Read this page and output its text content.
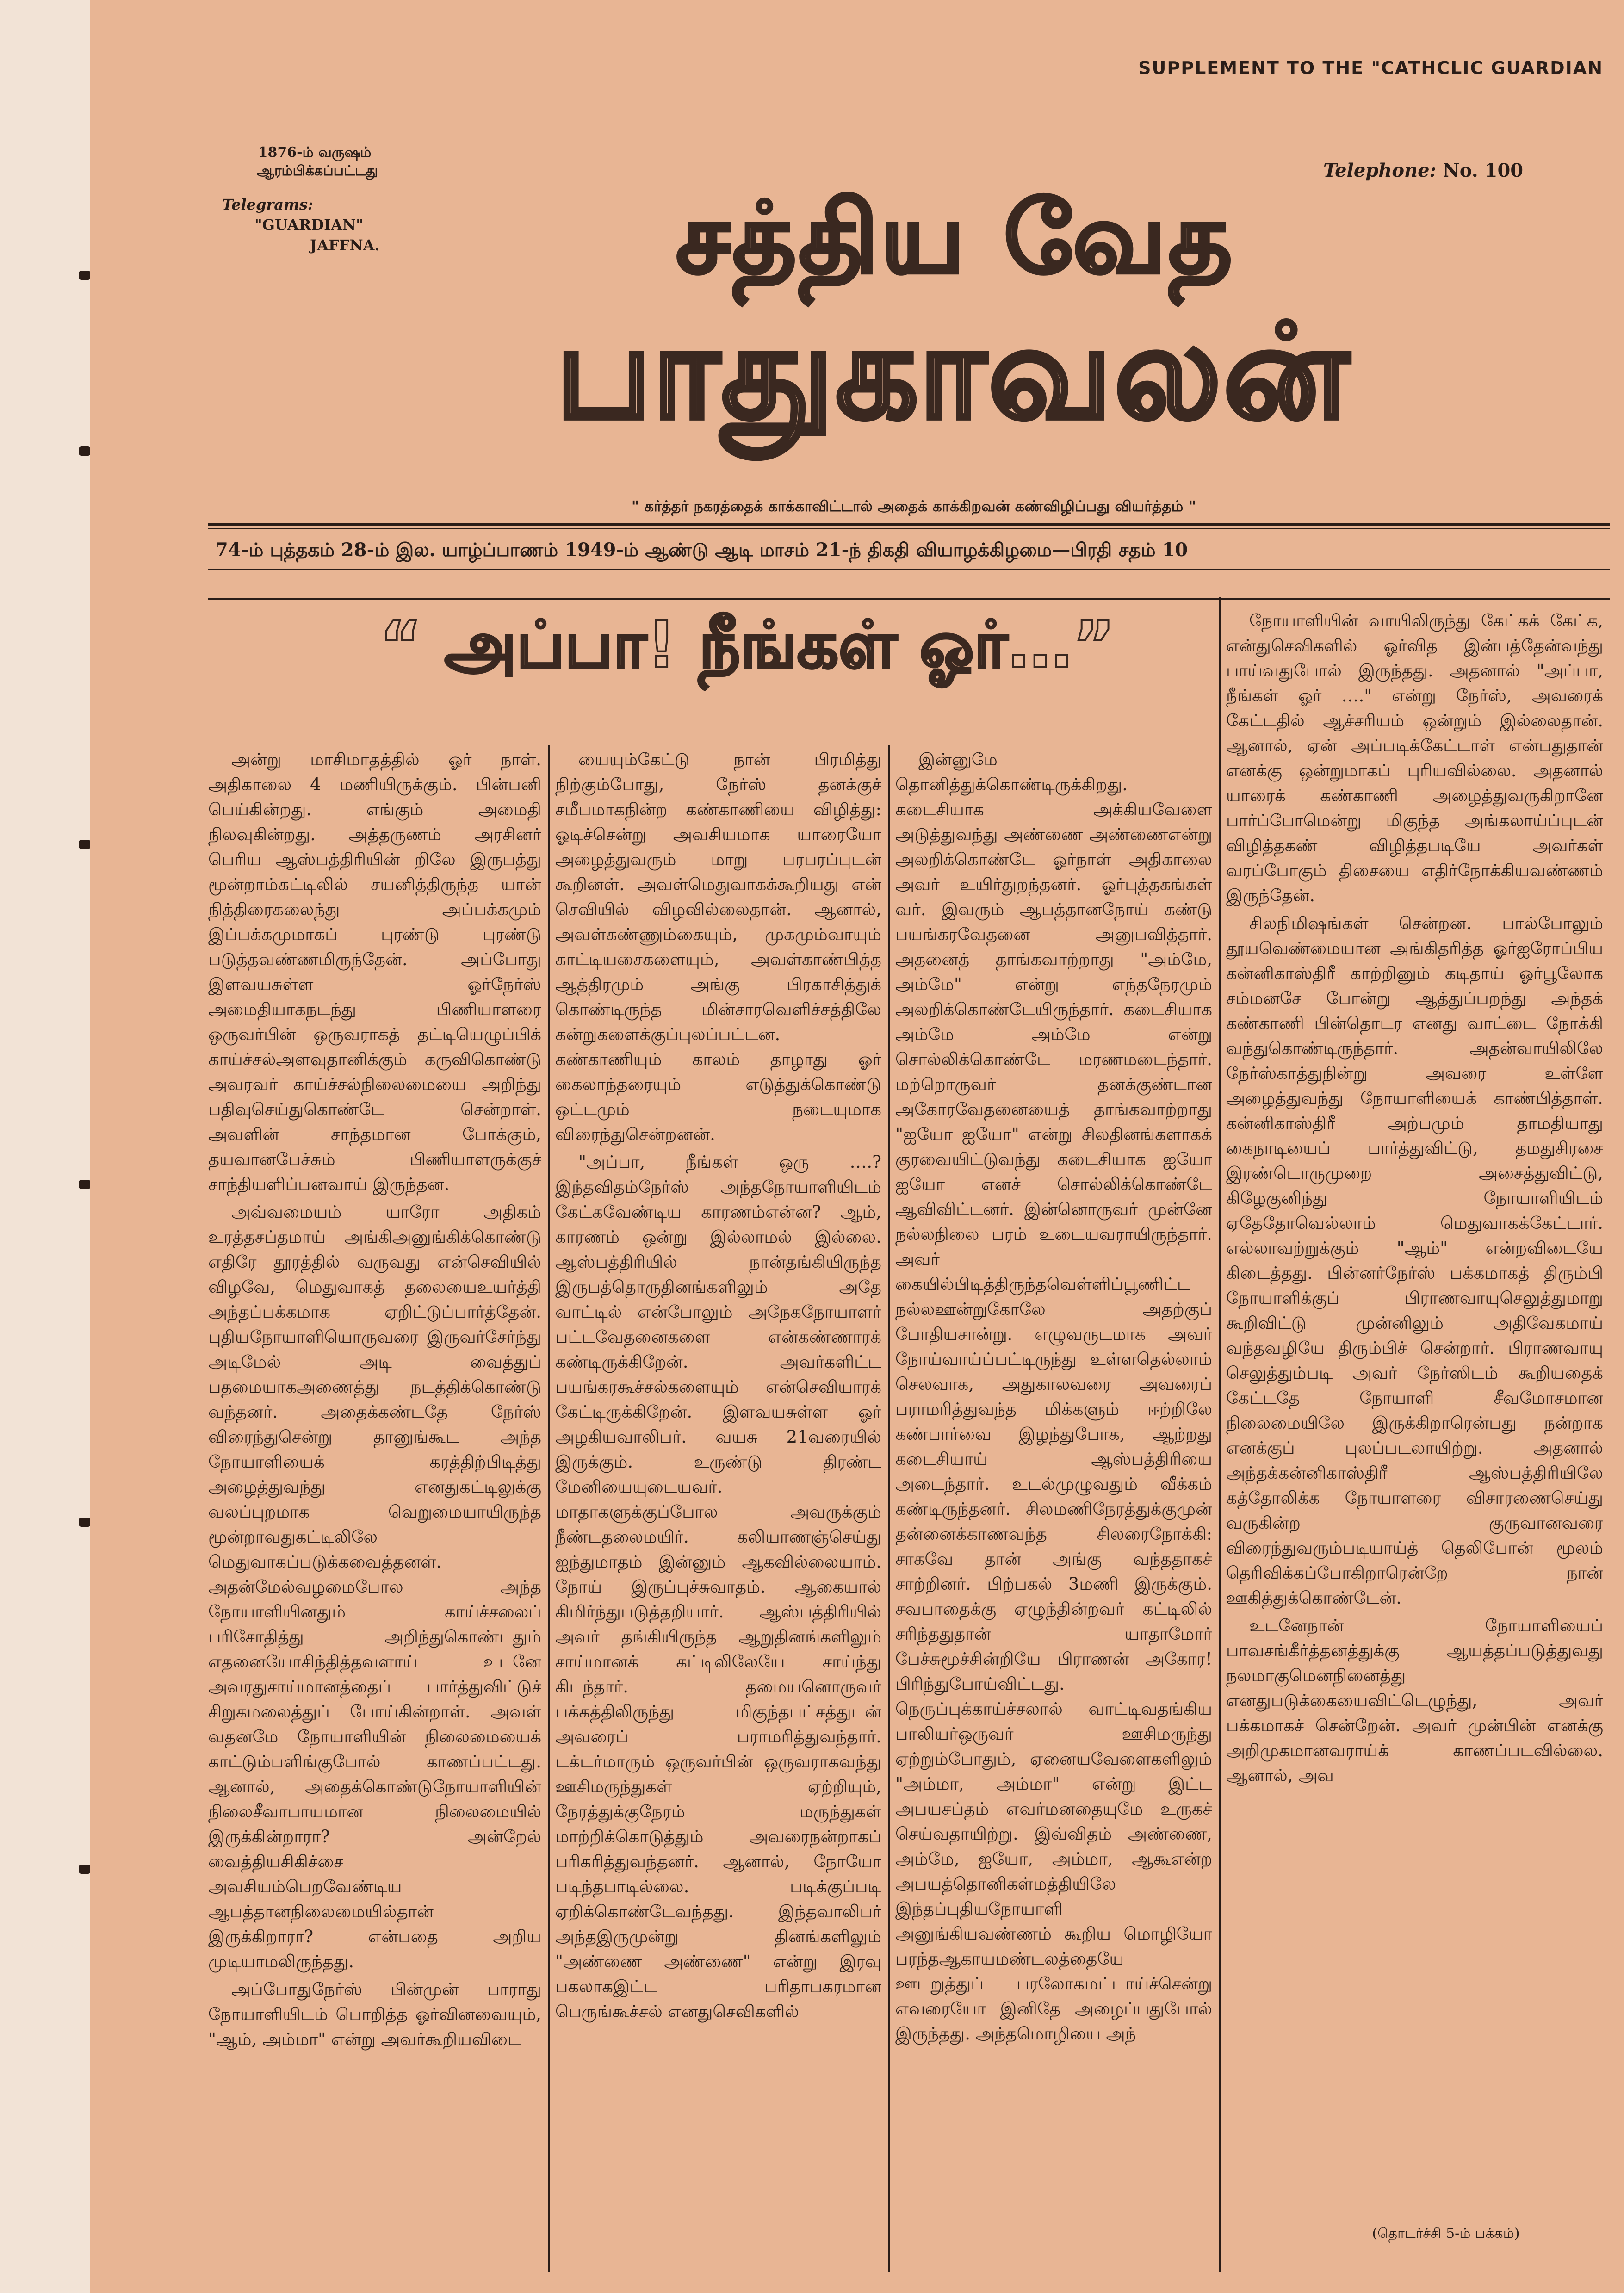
SUPPLEMENT TO THE "CATHCLIC GUARDIAN
1876-ம் வருஷம்
ஆரம்பிக்கப்பட்டது
Telegrams:
"GUARDIAN"
JAFFNA.
Telephone: No. 100
சத்திய வேத
பாதுகாவலன்
" கர்த்தர் நகரத்தைக் காக்காவிட்டால் அதைக் காக்கிறவன் கண்விழிப்பது வியர்த்தம் "
74-ம் புத்தகம் 28-ம் இல. யாழ்ப்பாணம் 1949-ம் ஆண்டு ஆடி மாசம் 21-ந் திகதி வியாழக்கிழமை—பிரதி சதம் 10
“ அப்பா! நீங்கள் ஓர்…”

அன்று மாசிமாதத்தில் ஓர் நாள். அதிகாலை 4 மணியிருக்கும். பின்பனி பெய்கின்றது. எங்கும் அமைதி நிலவுகின்றது. அத்தருணம் அரசினர் பெரிய ஆஸ்பத்திரியின் றிலே இருபத்து மூன்றாம்கட்டிலில் சயனித்திருந்த யான் நித்திரைகலைந்து அப்பக்கமும் இப்பக்கமுமாகப் புரண்டு புரண்டு படுத்தவண்ணமிருந்தேன். அப்போது இளவயசுள்ள ஓர்நேர்ஸ் அமைதியாகநடந்து பிணியாளரை ஒருவர்பின் ஒருவராகத் தட்டியெழுப்பிக் காய்ச்சல்அளவுதானிக்கும் கருவிகொண்டு அவரவர் காய்ச்சல்நிலைமையை அறிந்து பதிவுசெய்துகொண்டே சென்றாள். அவளின் சாந்தமான போக்கும், தயவானபேச்சும் பிணியாளருக்குச் சாந்தியளிப்பனவாய் இருந்தன.

அவ்வமையம் யாரோ அதிகம் உரத்தசப்தமாய் அங்கிஅனுங்கிக்கொண்டு எதிரே தூரத்தில் வருவது என்செவியில் விழவே, மெதுவாகத் தலையைஉயர்த்தி அந்தப்பக்கமாக ஏறிட்டுப்பார்த்தேன். புதியநோயாளியொருவரை இருவர்சேர்ந்து அடிமேல் அடி வைத்துப் பதமையாகஅணைத்து நடத்திக்கொண்டு வந்தனர். அதைக்கண்டதே நேர்ஸ் விரைந்துசென்று தானுங்கூட அந்த நோயாளியைக் கரத்திற்பிடித்து அழைத்துவந்து எனதுகட்டிலுக்கு வலப்புறமாக வெறுமையாயிருந்த மூன்றாவதுகட்டிலிலே மெதுவாகப்படுக்கவைத்தனள். அதன்மேல்வழமைபோல அந்த நோயாளியினதும் காய்ச்சலைப் பரிசோதித்து அறிந்துகொண்டதும் எதனையோசிந்தித்தவளாய் உடனே அவரதுசாய்மானத்தைப் பார்த்துவிட்டுச் சிறுகமலைத்துப் போய்கின்றாள். அவள் வதனமே நோயாளியின் நிலைமையைக் காட்டும்பளிங்குபோல் காணப்பட்டது. ஆனால், அதைக்கொண்டுநோயாளியின் நிலைசீவாபாயமான நிலைமையில் இருக்கின்றாரா? அன்றேல் வைத்தியசிகிச்சை அவசியம்பெறவேண்டிய ஆபத்தானநிலைமையில்தான் இருக்கிறாரா? என்பதை அறிய முடியாமலிருந்தது.

அப்போதுநேர்ஸ் பின்முன் பாராது நோயாளியிடம் பொறித்த ஓர்வினவையும், "ஆம், அம்மா" என்று அவர்கூறியவிடை

யையும்கேட்டு நான் பிரமித்து நிற்கும்போது, நேர்ஸ் தனக்குச் சமீபமாகநின்ற கண்காணியை விழித்து: ஓடிச்சென்று அவசியமாக யாரையோ அழைத்துவரும் மாறு பரபரப்புடன் கூறினள். அவள்மெதுவாகக்கூறியது என் செவியில் விழவில்லைதான். ஆனால், அவள்கண்ணும்கையும், முகமும்வாயும் காட்டியசைகளையும், அவள்காண்பித்த ஆத்திரமும் அங்கு பிரகாசித்துக் கொண்டிருந்த மின்சாரவெளிச்சத்திலே கன்றுகளைக்குப்புலப்பட்டன. கண்காணியும் காலம் தாழாது ஓர் கைலாந்தரையும் எடுத்துக்கொண்டு ஒட்டமும் நடையுமாக விரைந்துசென்றனன்.

"அப்பா, நீங்கள் ஒரு ….? இந்தவிதம்நேர்ஸ் அந்தநோயாளியிடம் கேட்கவேண்டிய காரணம்என்ன? ஆம், காரணம் ஒன்று இல்லாமல் இல்லை. ஆஸ்பத்திரியில் நான்தங்கியிருந்த இருபத்தொருதினங்களிலும் அதே வாட்டில் என்போலும் அநேகநோயாளர் பட்டவேதனைகளை என்கண்ணாரக் கண்டிருக்கிறேன். அவர்களிட்ட பயங்கரகூச்சல்களையும் என்செவியாரக் கேட்டிருக்கிறேன். இளவயசுள்ள ஓர் அழகியவாலிபர். வயசு 21வரையில் இருக்கும். உருண்டு திரண்ட மேனியையுடையவர். மாதாகளுக்குப்போல அவருக்கும் நீண்டதலைமயிர். கலியாணஞ்செய்து ஐந்துமாதம் இன்னும் ஆகவில்லையாம். நோய் இருப்புச்சுவாதம். ஆகையால் கிமிர்ந்துபடுத்தறியார். ஆஸ்பத்திரியில் அவர் தங்கியிருந்த ஆறுதினங்களிலும் சாய்மானக் கட்டிலிலேயே சாய்ந்து கிடந்தார். தமையனொருவர் பக்கத்திலிருந்து மிகுந்தபட்சத்துடன் அவரைப் பராமரித்துவந்தார். டக்டர்மாரும் ஒருவர்பின் ஒருவராகவந்து ஊசிமருந்துகள் ஏற்றியும், நேரத்துக்குநேரம் மருந்துகள் மாற்றிக்கொடுத்தும் அவரைநன்றாகப் பரிகரித்துவந்தனர். ஆனால், நோயோ படிந்தபாடில்லை. படிக்குப்படி ஏறிக்கொண்டேவந்தது. இந்தவாலிபர் அந்தஇருமுன்று தினங்களிலும் "அண்ணை அண்ணை" என்று இரவு பகலாகஇட்ட பரிதாபகரமான பெருங்கூச்சல் எனதுசெவிகளில்

இன்னுமே தொனித்துக்கொண்டிருக்கிறது. கடைசியாக அக்கியவேளை அடுத்துவந்து அண்ணை அண்ணைஎன்று அலறிக்கொண்டே ஓர்நாள் அதிகாலை அவர் உயிர்துறந்தனர். ஓர்புத்தகங்கள் வர். இவரும் ஆபத்தானநோய் கண்டு பயங்கரவேதனை அனுபவித்தார். அதனைத் தாங்கவாற்றாது "அம்மே, அம்மே" என்று எந்தநேரமும் அலறிக்கொண்டேயிருந்தார். கடைசியாக அம்மே அம்மே என்று சொல்லிக்கொண்டே மரணமடைந்தார். மற்றொருவர் தனக்குண்டான அகோரவேதனையைத் தாங்கவாற்றாது "ஐயோ ஐயோ" என்று சிலதினங்களாகக் குரவையிட்டுவந்து கடைசியாக ஐயோ ஐயோ எனச் சொல்லிக்கொண்டே ஆவிவிட்டனர். இன்னொருவர் முன்னே நல்லநிலை பரம் உடையவராயிருந்தார். அவர் கையில்பிடித்திருந்தவெள்ளிப்பூணிட்ட நல்லஊன்றுகோலே அதற்குப் போதியசான்று. எழுவருடமாக அவர் நோய்வாய்ப்பட்டிருந்து உள்ளதெல்லாம் செலவாக, அதுகாலவரை அவரைப் பராமரித்துவந்த மிக்களும் ஈற்றிலே கண்பார்வை இழந்துபோக, ஆற்றது கடைசியாய் ஆஸ்பத்திரியை அடைந்தார். உடல்முழுவதும் வீக்கம் கண்டிருந்தனர். சிலமணிநேரத்துக்குமுன் தன்னைக்காணவந்த சிலரைநோக்கி: சாகவே தான் அங்கு வந்ததாகச் சாற்றினர். பிற்பகல் 3மணி இருக்கும். சவபாதைக்கு ஏழுந்தின்றவர் கட்டிலில் சரிந்ததுதான் யாதாமோர் பேச்சுமூச்சின்றியே பிராணன் அகோர! பிரிந்துபோய்விட்டது. நெருப்புக்காய்ச்சலால் வாட்டிவதங்கிய பாலியர்ஒருவர் ஊசிமருந்து ஏற்றும்போதும், ஏனையவேளைகளிலும் "அம்மா, அம்மா" என்று இட்ட அபயசப்தம் எவர்மனதையுமே உருகச் செய்வதாயிற்று. இவ்விதம் அண்ணை, அம்மே, ஐயோ, அம்மா, ஆகூஎன்ற அபயத்தொனிகள்மத்தியிலே இந்தப்புதியநோயாளி அனுங்கியவண்ணம் கூறிய மொழியோ பரந்தஆகாயமண்டலத்தையே ஊடறுத்துப் பரலோகமட்டாய்ச்சென்று எவரையோ இனிதே அழைப்பதுபோல் இருந்தது. அந்தமொழியை அந்

நோயாளியின் வாயிலிருந்து கேட்கக் கேட்க, என்துசெவிகளில் ஓர்வித இன்பத்தேன்வந்து பாய்வதுபோல் இருந்தது. அதனால் "அப்பா, நீங்கள் ஓர் …." என்று நேர்ஸ், அவரைக் கேட்டதில் ஆச்சரியம் ஒன்றும் இல்லைதான். ஆனால், ஏன் அப்படிக்கேட்டாள் என்பதுதான் எனக்கு ஒன்றுமாகப் புரியவில்லை. அதனால் யாரைக் கண்காணி அழைத்துவருகிறானே பார்ப்போமென்று மிகுந்த அங்கலாய்ப்புடன் விழித்தகண் விழித்தபடியே அவர்கள் வரப்போகும் திசையை எதிர்நோக்கியவண்ணம் இருந்தேன்.

சிலநிமிஷங்கள் சென்றன. பால்போலும் தூயவெண்மையான அங்கிதரித்த ஓர்ஐரோப்பிய கன்னிகாஸ்திரீ காற்றினும் கடிதாய் ஓர்பூலோக சம்மனசே போன்று ஆத்துப்பறந்து அந்தக் கண்காணி பின்தொடர எனது வாட்டை நோக்கி வந்துகொண்டிருந்தார். அதன்வாயிலிலே நேர்ஸ்காத்துநின்று அவரை உள்ளே அழைத்துவந்து நோயாளியைக் காண்பித்தாள். கன்னிகாஸ்திரீ அற்பமும் தாமதியாது கைநாடியைப் பார்த்துவிட்டு, தமதுசிரசை இரண்டொருமுறை அசைத்துவிட்டு, கிழேகுனிந்து நோயாளியிடம் ஏதேதோவெல்லாம் மெதுவாகக்கேட்டார். எல்லாவற்றுக்கும் "ஆம்" என்றவிடையே கிடைத்தது. பின்னர்நேர்ஸ் பக்கமாகத் திரும்பி நோயாளிக்குப் பிராணவாயுசெலுத்துமாறு கூறிவிட்டு முன்னிலும் அதிவேகமாய் வந்தவழியே திரும்பிச் சென்றார். பிராணவாயு செலுத்தும்படி அவர் நேர்ஸிடம் கூறியதைக் கேட்டதே நோயாளி சீவமோசமான நிலைமையிலே இருக்கிறாரென்பது நன்றாக எனக்குப் புலப்படலாயிற்று. அதனால் அந்தக்கன்னிகாஸ்திரீ ஆஸ்பத்திரியிலே கத்தோலிக்க நோயாளரை விசாரணைசெய்து வருகின்ற குருவானவரை விரைந்துவரும்படியாய்த் தெலிபோன் மூலம் தெரிவிக்கப்போகிறாரென்றே நான் ஊகித்துக்கொண்டேன்.

உடனேநான் நோயாளியைப் பாவசங்கீர்த்தனத்துக்கு ஆயத்தப்படுத்துவது நலமாகுமெனநினைத்து எனதுபடுக்கையைவிட்டெழுந்து, அவர் பக்கமாகச் சென்றேன். அவர் முன்பின் எனக்கு அறிமுகமானவராய்க் காணப்படவில்லை. ஆனால், அவ

(தொடர்ச்சி 5-ம் பக்கம்)
